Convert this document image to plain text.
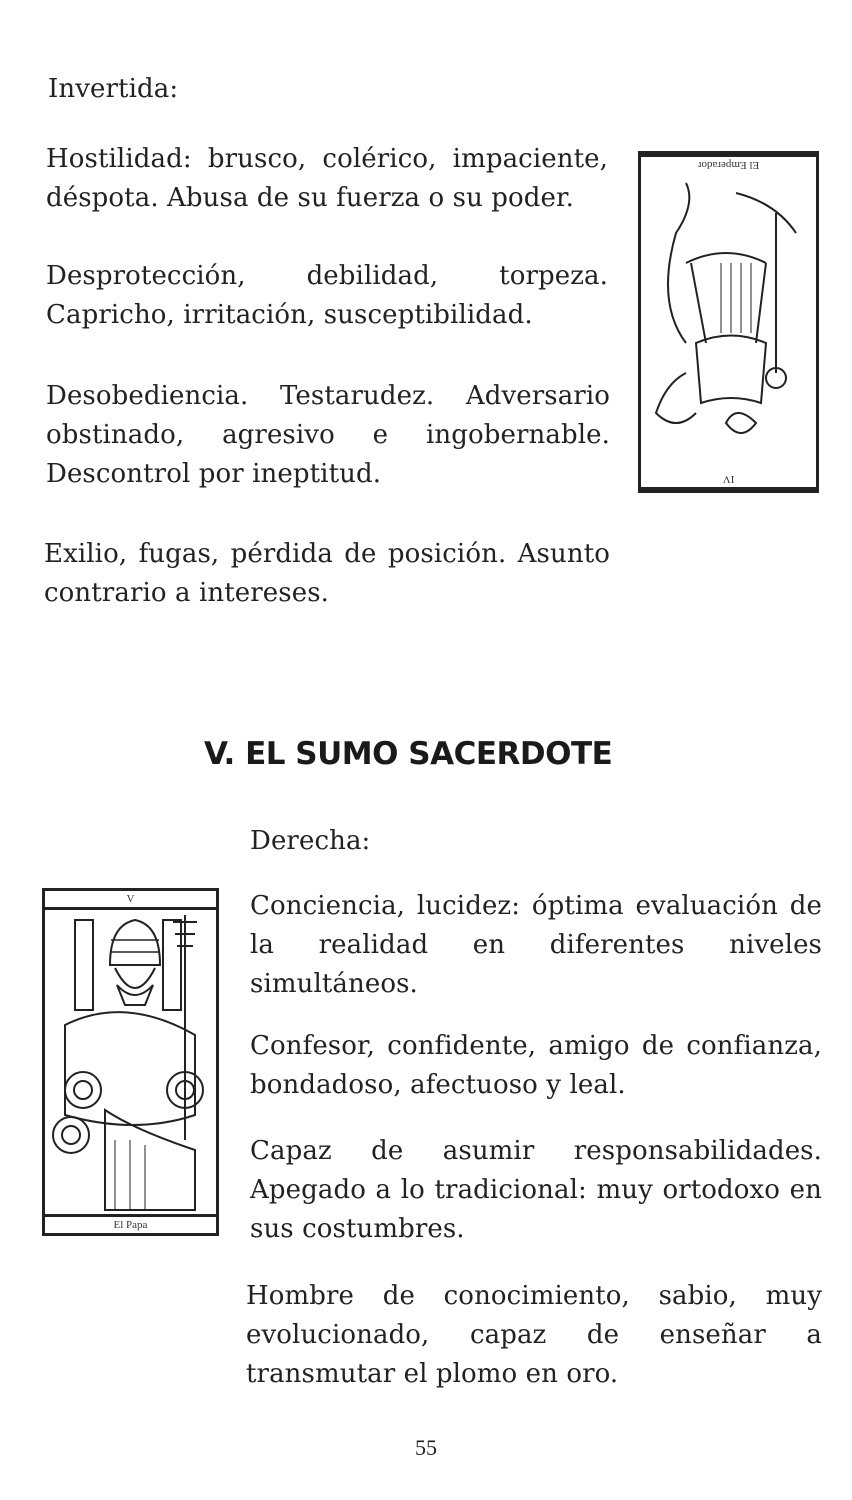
Invertida:

Hostilidad: brusco, colérico, impaciente, déspota. Abusa de su fuerza o su poder.

Desprotección, debilidad, torpeza. Capricho, irritación, susceptibilidad.

Desobediencia. Testarudez. Adversario obstinado, agresivo e ingobernable. Descontrol por ineptitud.

Exilio, fugas, pérdida de posición. Asunto contrario a intereses.

El Emperador
IV
V. EL SUMO SACERDOTE

Derecha:

V
El Papa

Conciencia, lucidez: óptima evaluación de la realidad en diferentes niveles simultáneos.

Confesor, confidente, amigo de confianza, bondadoso, afectuoso y leal.

Capaz de asumir responsabilidades. Apegado a lo tradicional: muy ortodoxo en sus costumbres.

Hombre de conocimiento, sabio, muy evolucionado, capaz de enseñar a transmutar el plomo en oro.

55
